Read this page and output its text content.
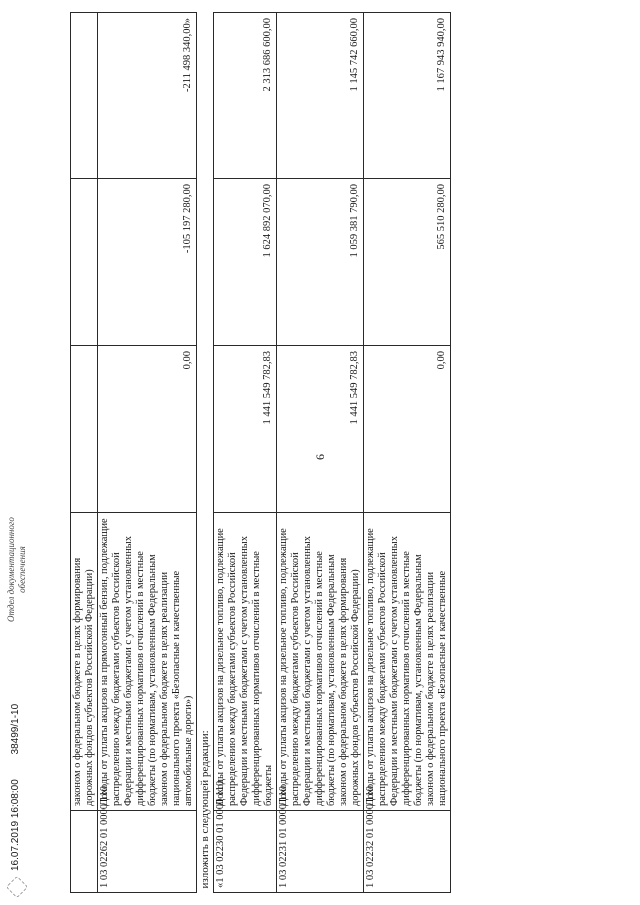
6
	законом о федеральном бюджете в целях формирования дорожных фондов субъектов Российской Федерации)			
1 03 02262 01 0000 110	Доходы от уплаты акцизов на прямогонный бензин, подлежащие распределению между бюджетами субъектов Российской Федерации и местными бюджетами с учетом установленных дифференцированных нормативов отчислений в местные бюджеты (по нормативам, установленным Федеральным законом о федеральном бюджете в целях реализации национального проекта «Безопасные и качественные автомобильные дороги»)	0,00	-105 197 280,00	-211 498 340,00»
изложить в следующей редакции:				
«1 03 02230 01 0000 110	Доходы от уплаты акцизов на дизельное топливо, подлежащие распределению между бюджетами субъектов Российской Федерации и местными бюджетами с учетом установленных дифференцированных нормативов отчислений в местные бюджеты	1 441 549 782,83	1 624 892 070,00	2 313 686 600,00
1 03 02231 01 0000 110	Доходы от уплаты акцизов на дизельное топливо, подлежащие распределению между бюджетами субъектов Российской Федерации и местными бюджетами с учетом установленных дифференцированных нормативов отчислений в местные бюджеты (по нормативам, установленным Федеральным законом о федеральном бюджете в целях формирования дорожных фондов субъектов Российской Федерации)	1 441 549 782,83	1 059 381 790,00	1 145 742 660,00
1 03 02232 01 0000 110	Доходы от уплаты акцизов на дизельное топливо, подлежащие распределению между бюджетами субъектов Российской Федерации и местными бюджетами с учетом установленных дифференцированных нормативов отчислений в местные бюджеты (по нормативам, установленным Федеральным законом о федеральном бюджете в целях реализации национального проекта «Безопасные и качественные	0,00	565 510 280,00	1 167 943 940,00
16.07.2019 16:08:00 38499/1-10
Отдел документационного обеспечения
